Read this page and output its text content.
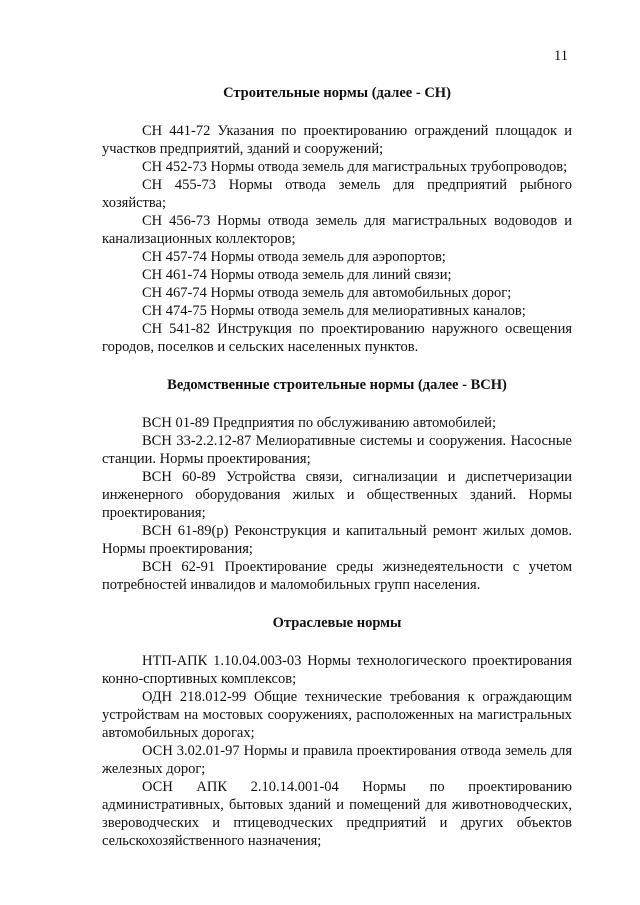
11

Строительные нормы (далее - СН)

СН 441-72 Указания по проектированию ограждений площадок и участков предприятий, зданий и сооружений;

СН 452-73 Нормы отвода земель для магистральных трубопроводов;

СН 455-73 Нормы отвода земель для предприятий рыбного хозяйства;

СН 456-73 Нормы отвода земель для магистральных водоводов и канализационных коллекторов;

СН 457-74 Нормы отвода земель для аэропортов;

СН 461-74 Нормы отвода земель для линий связи;

СН 467-74 Нормы отвода земель для автомобильных дорог;

СН 474-75 Нормы отвода земель для мелиоративных каналов;

СН 541-82 Инструкция по проектированию наружного освещения городов, поселков и сельских населенных пунктов.

Ведомственные строительные нормы (далее - ВСН)

ВСН 01-89 Предприятия по обслуживанию автомобилей;

ВСН 33-2.2.12-87 Мелиоративные системы и сооружения. Насосные станции. Нормы проектирования;

ВСН 60-89 Устройства связи, сигнализации и диспетчеризации инженерного оборудования жилых и общественных зданий. Нормы проектирования;

ВСН 61-89(р) Реконструкция и капитальный ремонт жилых домов. Нормы проектирования;

ВСН 62-91 Проектирование среды жизнедеятельности с учетом потребностей инвалидов и маломобильных групп населения.

Отраслевые нормы

НТП-АПК 1.10.04.003-03 Нормы технологического проектирования конно-спортивных комплексов;

ОДН 218.012-99 Общие технические требования к ограждающим устройствам на мостовых сооружениях, расположенных на магистральных автомобильных дорогах;

ОСН 3.02.01-97 Нормы и правила проектирования отвода земель для железных дорог;

ОСН АПК 2.10.14.001-04 Нормы по проектированию административных, бытовых зданий и помещений для животноводческих, звероводческих и птицеводческих предприятий и других объектов сельскохозяйственного назначения;
